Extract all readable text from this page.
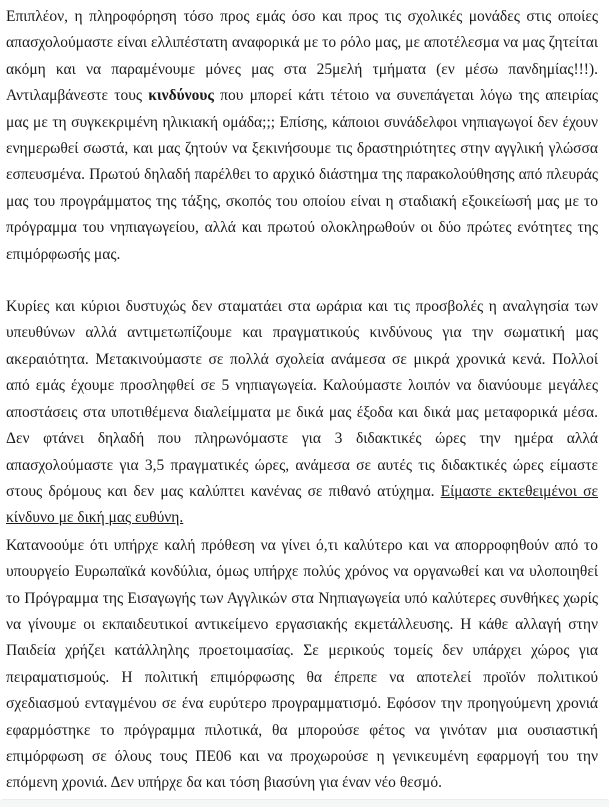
Επιπλέον, η πληροφόρηση τόσο προς εμάς όσο και προς τις σχολικές μονάδες στις οποίες απασχολούμαστε είναι ελλιπέστατη αναφορικά με το ρόλο μας, με αποτέλεσμα να μας ζητείται ακόμη και να παραμένουμε μόνες μας στα 25μελή τμήματα (εν μέσω πανδημίας!!!). Αντιλαμβάνεστε τους κινδύνους που μπορεί κάτι τέτοιο να συνεπάγεται λόγω της απειρίας μας με τη συγκεκριμένη ηλικιακή ομάδα;;; Επίσης, κάποιοι συνάδελφοι νηπιαγωγοί δεν έχουν ενημερωθεί σωστά, και μας ζητούν να ξεκινήσουμε τις δραστηριότητες στην αγγλική γλώσσα εσπευσμένα. Πρωτού δηλαδή παρέλθει το αρχικό διάστημα της παρακολούθησης από πλευράς μας του προγράμματος της τάξης, σκοπός του οποίου είναι η σταδιακή εξοικείωσή μας με το πρόγραμμα του νηπιαγωγείου, αλλά και πρωτού ολοκληρωθούν οι δύο πρώτες ενότητες της επιμόρφωσής μας.

Κυρίες και κύριοι δυστυχώς δεν σταματάει στα ωράρια και τις προσβολές η αναλγησία των υπευθύνων αλλά αντιμετωπίζουμε και πραγματικούς κινδύνους για την σωματική μας ακεραιότητα. Μετακινούμαστε σε πολλά σχολεία ανάμεσα σε μικρά χρονικά κενά. Πολλοί από εμάς έχουμε προσληφθεί σε 5 νηπιαγωγεία. Καλούμαστε λοιπόν να διανύουμε μεγάλες αποστάσεις στα υποτιθέμενα διαλείμματα με δικά μας έξοδα και δικά μας μεταφορικά μέσα. Δεν φτάνει δηλαδή που πληρωνόμαστε για 3 διδακτικές ώρες την ημέρα αλλά απασχολούμαστε για 3,5 πραγματικές ώρες, ανάμεσα σε αυτές τις διδακτικές ώρες είμαστε στους δρόμους και δεν μας καλύπτει κανένας σε πιθανό ατύχημα. Είμαστε εκτεθειμένοι σε κίνδυνο με δική μας ευθύνη.

Κατανοούμε ότι υπήρχε καλή πρόθεση να γίνει ό,τι καλύτερο και να απορροφηθούν από το υπουργείο Ευρωπαϊκά κονδύλια, όμως υπήρχε πολύς χρόνος να οργανωθεί και να υλοποιηθεί το Πρόγραμμα της Εισαγωγής των Αγγλικών στα Νηπιαγωγεία υπό καλύτερες συνθήκες χωρίς να γίνουμε οι εκπαιδευτικοί αντικείμενο εργασιακής εκμετάλλευσης. Η κάθε αλλαγή στην Παιδεία χρήζει κατάλληλης προετοιμασίας. Σε μερικούς τομείς δεν υπάρχει χώρος για πειραματισμούς. Η πολιτική επιμόρφωσης θα έπρεπε να αποτελεί προϊόν πολιτικού σχεδιασμού ενταγμένου σε ένα ευρύτερο προγραμματισμό. Εφόσον την προηγούμενη χρονιά εφαρμόστηκε το πρόγραμμα πιλοτικά, θα μπορούσε φέτος να γινόταν μια ουσιαστική επιμόρφωση σε όλους τους ΠΕ06 και να προχωρούσε η γενικευμένη εφαρμογή του την επόμενη χρονιά. Δεν υπήρχε δα και τόση βιασύνη για έναν νέο θεσμό.
